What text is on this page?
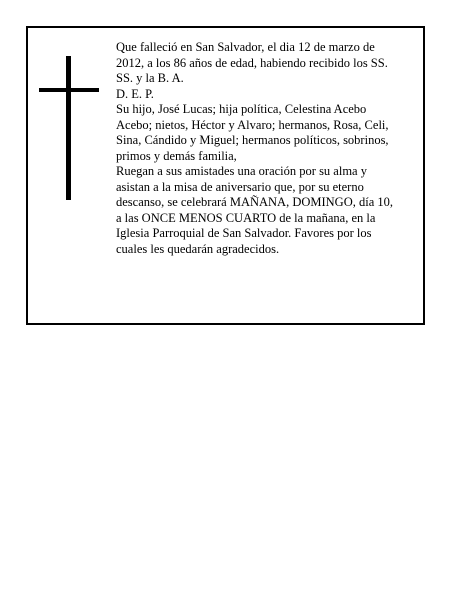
Que falleció en San Salvador, el dia 12 de marzo de
2012, a los 86 años de edad, habiendo recibido los SS.
SS. y la B. A.
D. E. P.
Su hijo, José Lucas; hija política, Celestina Acebo
Acebo; nietos, Héctor y Alvaro; hermanos, Rosa, Celi,
Sina, Cándido y Miguel; hermanos políticos, sobrinos,
primos y demás familia,
Ruegan a sus amistades una oración por su alma y
asistan a la misa de aniversario que, por su eterno
descanso, se celebrará MAÑANA, DOMINGO, día 10,
a las ONCE MENOS CUARTO de la mañana, en la
Iglesia Parroquial de San Salvador. Favores por los
cuales les quedarán agradecidos.
